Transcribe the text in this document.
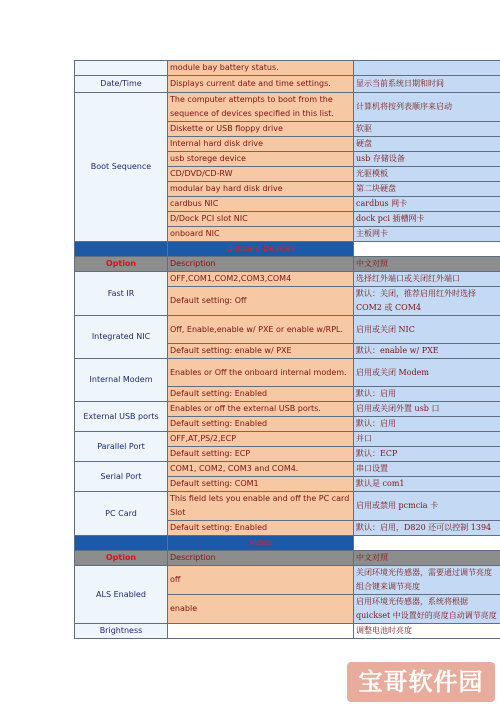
	module bay battery status.	
Date/Time	Displays current date and time settings.	显示当前系统日期和时间
Boot Sequence	The computer attempts to boot from the sequence of devices specified in this list.	计算机将按列表顺序来启动
	Diskette or USB floppy drive	软驱
	Internal hard disk drive	硬盘
	usb storege device	usb 存储设备
	CD/DVD/CD-RW	光驱模板
	modular bay hard disk drive	第二块硬盘
	cardbus NIC	cardbus 网卡
	D/Dock PCI slot NIC	dock pci 插槽网卡
	onboard NIC	主板网卡
	Onboard Devices	
Option	Description	中文对照
Fast IR	OFF,COM1,COM2,COM3,COM4	选择红外端口或关闭红外端口
	Default setting: Off	默认：关闭，推荐启用红外时选择 COM2 或 COM4
Integrated NIC	Off, Enable,enable w/ PXE or enable w/RPL.	启用或关闭 NIC
	Default setting: enable w/ PXE	默认：enable w/ PXE
Internal Modem	Enables or Off the onboard internal modem.	启用或关闭 Modem
	Default setting: Enabled	默认：启用
External USB ports	Enables or off the external USB ports.	启用或关闭外置 usb 口
	Default setting: Enabled	默认：启用
Parallel Port	OFF,AT,PS/2,ECP	并口
	Default setting: ECP	默认：ECP
Serial Port	COM1, COM2, COM3 and COM4.	串口设置
	Default setting: COM1	默认是 com1
PC Card	This field lets you enable and off the PC card Slot	启用或禁用 pcmcia 卡
	Default setting: Enabled	默认：启用，D820 还可以控制 1394
	Video	
Option	Description	中文对照
ALS Enabled	off	关闭环境光传感器，需要通过调节亮度组合键来调节亮度
	enable	启用环境光传感器，系统将根据 quickset 中设置好的亮度自动调节亮度
Brightness		调整电池时亮度
宝哥软件园
